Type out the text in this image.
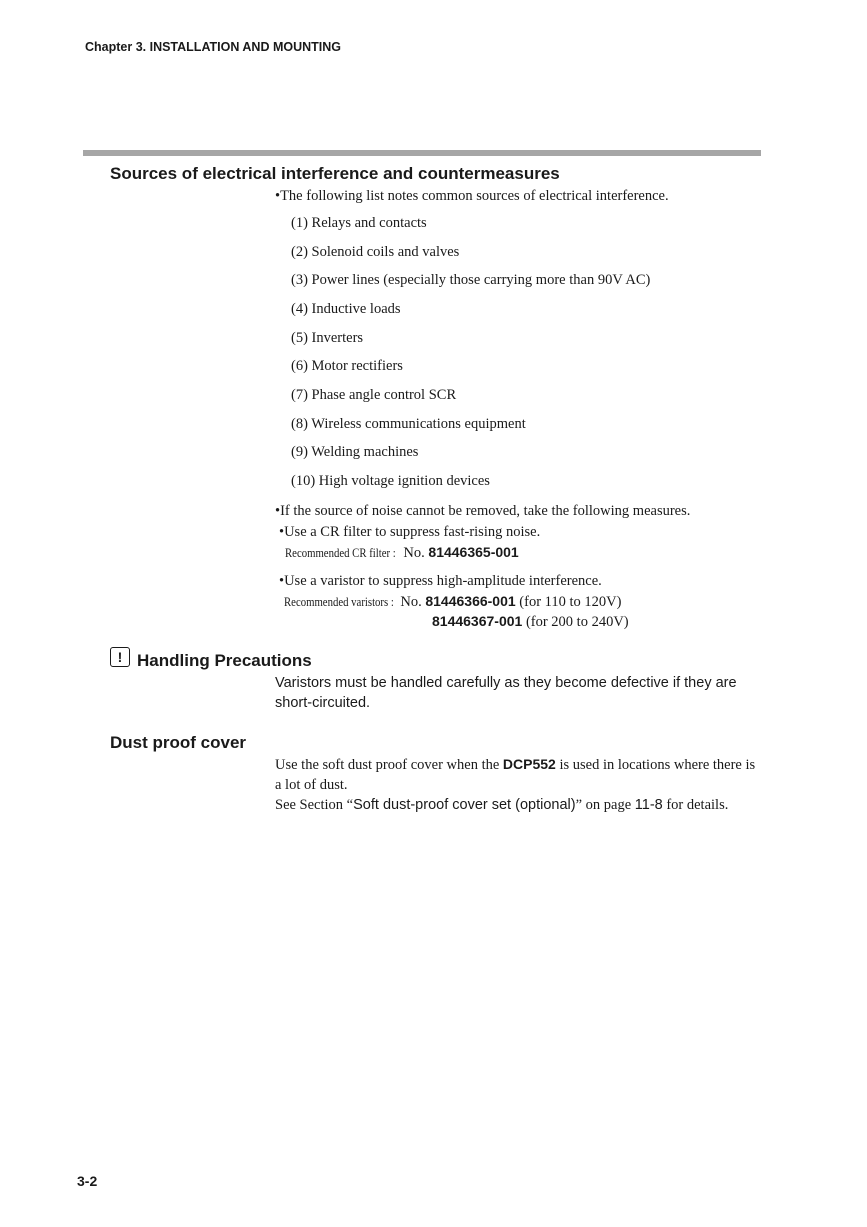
Chapter 3. INSTALLATION AND MOUNTING
Sources of electrical interference and countermeasures
•The following list notes common sources of electrical interference.
(1) Relays and contacts
(2) Solenoid coils and valves
(3) Power lines (especially those carrying more than 90V AC)
(4) Inductive loads
(5) Inverters
(6) Motor rectifiers
(7) Phase angle control SCR
(8) Wireless communications equipment
(9) Welding machines
(10) High voltage ignition devices
•If the source of noise cannot be removed, take the following measures.
•Use a CR filter to suppress fast-rising noise.
Recommended CR filter : No. 81446365-001
•Use a varistor to suppress high-amplitude interference.
Recommended varistors : No. 81446366-001 (for 110 to 120V)
81446367-001 (for 200 to 240V)
! Handling Precautions
Varistors must be handled carefully as they become defective if they are short-circuited.
Dust proof cover
Use the soft dust proof cover when the DCP552 is used in locations where there is a lot of dust.
See Section “Soft dust-proof cover set (optional)” on page 11-8 for details.
3-2
